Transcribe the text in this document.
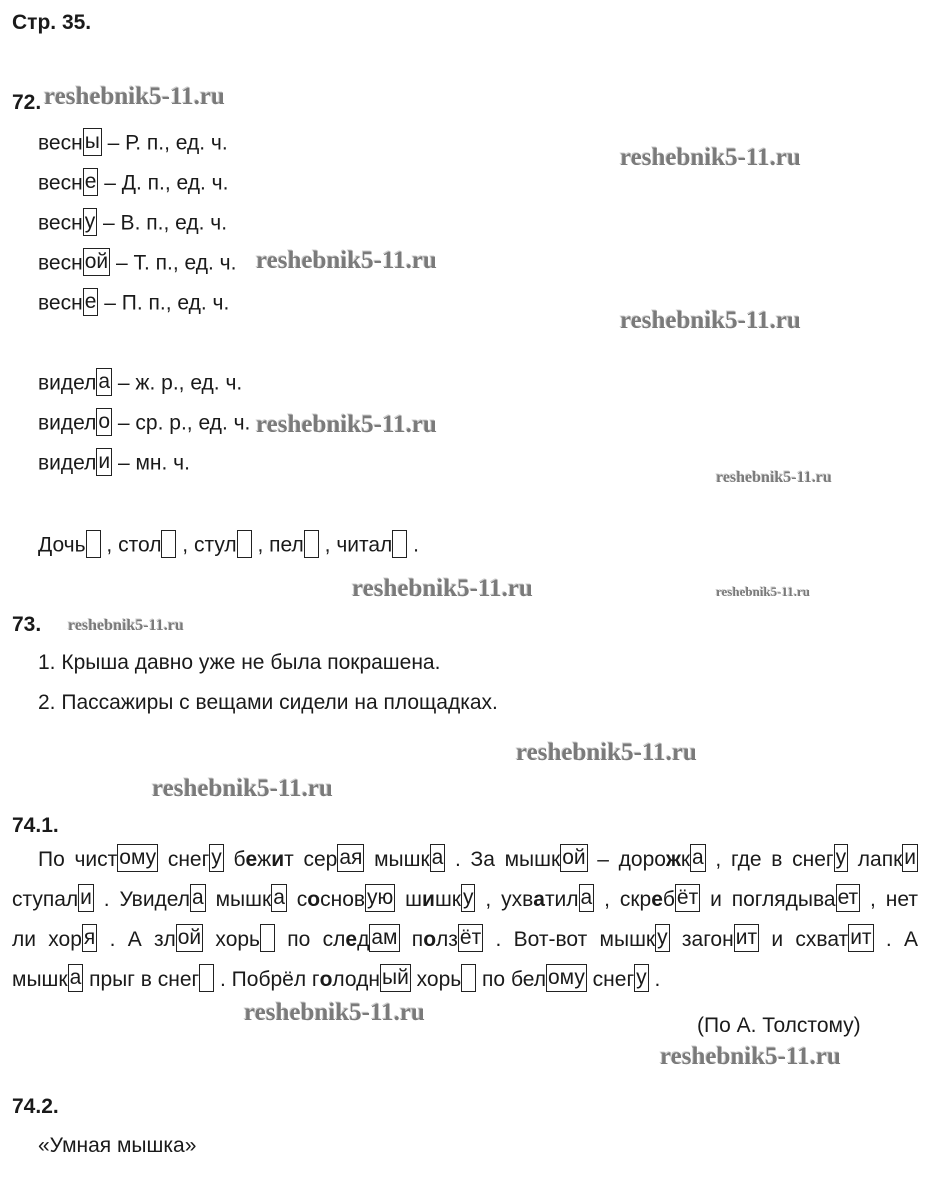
Стр. 35.
72.
весны – Р. п., ед. ч.
весне – Д. п., ед. ч.
весну – В. п., ед. ч.
весной – Т. п., ед. ч.
весне – П. п., ед. ч.
видела – ж. р., ед. ч.
видело – ср. р., ед. ч.
видели – мн. ч.
Дочь , стол , стул , пел , читал .
73.
1. Крыша давно уже не была покрашена.
2. Пассажиры с вещами сидели на площадках.
74.1.
По чистому снегу бежит серая мышка . За мышкой – дорожка , где в снегу лапки
ступали . Увидела мышка сосновую шишку , ухватила , скребёт и поглядывает , нет
ли хоря . А злой хорь по следам ползёт . Вот-вот мышку загонит и схватит . А
мышка прыг в снег . Побрёл голодный хорь по белому снегу .
(По А. Толстому)
74.2.
«Умная мышка»
reshebnik5-11.ru
reshebnik5-11.ru
reshebnik5-11.ru
reshebnik5-11.ru
reshebnik5-11.ru
reshebnik5-11.ru
reshebnik5-11.ru	reshebnik5-11.ru
reshebnik5-11.ru
reshebnik5-11.ru
reshebnik5-11.ru
reshebnik5-11.ru
reshebnik5-11.ru
